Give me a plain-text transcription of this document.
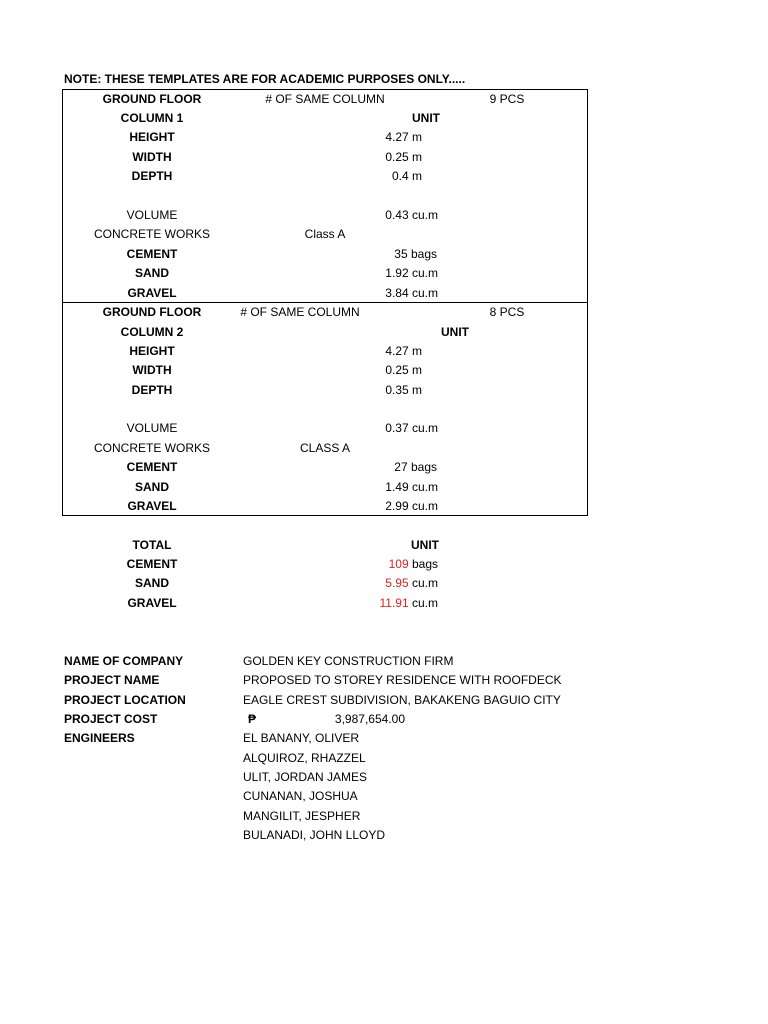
NOTE: THESE TEMPLATES ARE FOR ACADEMIC PURPOSES ONLY.....
GROUND FLOOR	# OF SAME COLUMN	9 PCS
COLUMN 1	UNIT
HEIGHT	4.27 m
WIDTH	0.25 m
DEPTH	0.4 m
VOLUME	0.43 cu.m
CONCRETE WORKS	Class A
CEMENT	35 bags
SAND	1.92 cu.m
GRAVEL	3.84 cu.m
GROUND FLOOR	# OF SAME COLUMN	8 PCS
COLUMN 2	UNIT
HEIGHT	4.27 m
WIDTH	0.25 m
DEPTH	0.35 m
VOLUME	0.37 cu.m
CONCRETE WORKS	CLASS A
CEMENT	27 bags
SAND	1.49 cu.m
GRAVEL	2.99 cu.m
TOTAL	UNIT
CEMENT	109 bags
SAND	5.95 cu.m
GRAVEL	11.91 cu.m
NAME OF COMPANY	GOLDEN KEY CONSTRUCTION FIRM
PROJECT NAME	PROPOSED TO STOREY RESIDENCE WITH ROOFDECK
PROJECT LOCATION	EAGLE CREST SUBDIVISION, BAKAKENG BAGUIO CITY
PROJECT COST	₱	3,987,654.00
ENGINEERS	EL BANANY, OLIVER
ALQUIROZ, RHAZZEL
ULIT, JORDAN JAMES
CUNANAN, JOSHUA
MANGILIT, JESPHER
BULANADI, JOHN LLOYD
